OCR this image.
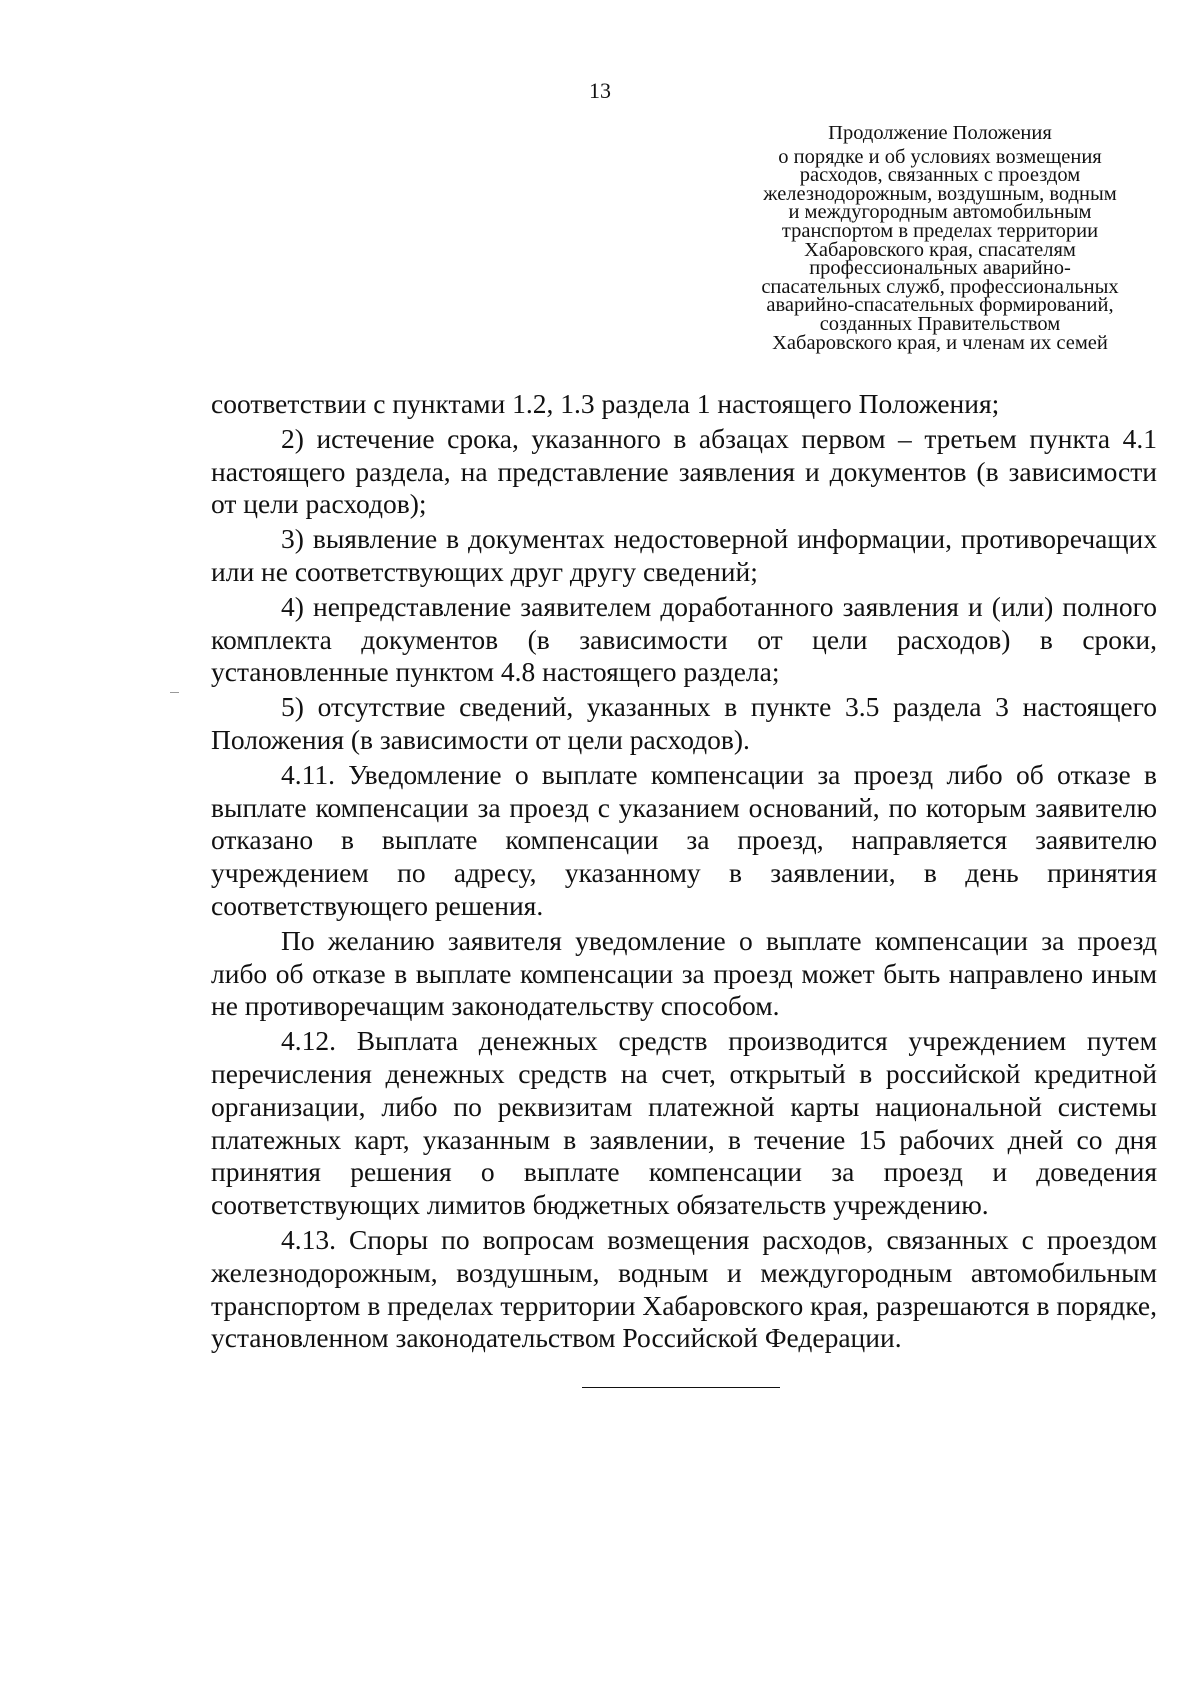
13
Продолжение Положения
о порядке и об условиях возмещения
расходов, связанных с проездом
железнодорожным, воздушным, водным
и междугородным автомобильным
транспортом в пределах территории
Хабаровского края, спасателям
профессиональных аварийно-
спасательных служб, профессиональных
аварийно-спасательных формирований,
созданных Правительством
Хабаровского края, и членам их семей

соответствии с пунктами 1.2, 1.3 раздела 1 настоящего Положения;

2) истечение срока, указанного в абзацах первом – третьем пункта 4.1 настоящего раздела, на представление заявления и документов (в зависимости от цели расходов);

3) выявление в документах недостоверной информации, противоречащих или не соответствующих друг другу сведений;

4) непредставление заявителем доработанного заявления и (или) полного комплекта документов (в зависимости от цели расходов) в сроки, установленные пунктом 4.8 настоящего раздела;

5) отсутствие сведений, указанных в пункте 3.5 раздела 3 настоящего Положения (в зависимости от цели расходов).

4.11. Уведомление о выплате компенсации за проезд либо об отказе в выплате компенсации за проезд с указанием оснований, по которым заявителю отказано в выплате компенсации за проезд, направляется заявителю учреждением по адресу, указанному в заявлении, в день принятия соответствующего решения.

По желанию заявителя уведомление о выплате компенсации за проезд либо об отказе в выплате компенсации за проезд может быть направлено иным не противоречащим законодательству способом.

4.12. Выплата денежных средств производится учреждением путем перечисления денежных средств на счет, открытый в российской кредитной организации, либо по реквизитам платежной карты национальной системы платежных карт, указанным в заявлении, в течение 15 рабочих дней со дня принятия решения о выплате компенсации за проезд и доведения соответствующих лимитов бюджетных обязательств учреждению.

4.13. Споры по вопросам возмещения расходов, связанных с проездом железнодорожным, воздушным, водным и междугородным автомобильным транспортом в пределах территории Хабаровского края, разрешаются в порядке, установленном законодательством Российской Федерации.
